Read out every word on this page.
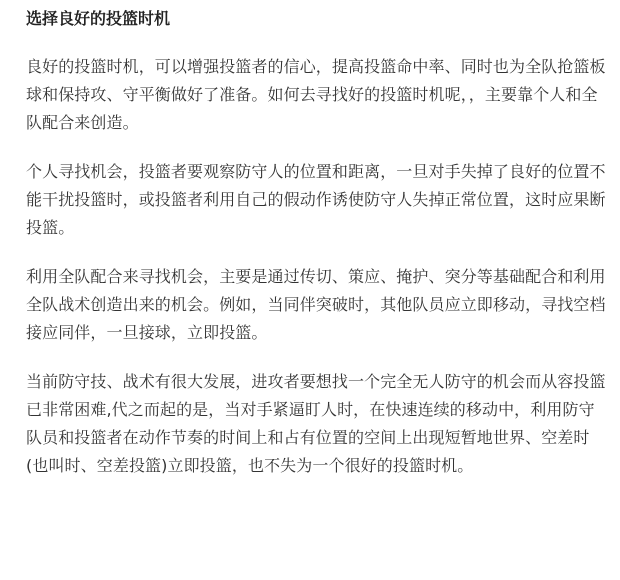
选择良好的投篮时机

良好的投篮时机，可以增强投篮者的信心，提高投篮命中率、同时也为全队抢篮板球和保持攻、守平衡做好了准备。如何去寻找好的投篮时机呢，，主要靠个人和全队配合来创造。

个人寻找机会，投篮者要观察防守人的位置和距离，一旦对手失掉了良好的位置不能干扰投篮时，或投篮者利用自己的假动作诱使防守人失掉正常位置，这时应果断投篮。

利用全队配合来寻找机会，主要是通过传切、策应、掩护、突分等基础配合和利用全队战术创造出来的机会。例如，当同伴突破时，其他队员应立即移动，寻找空档接应同伴，一旦接球，立即投篮。

当前防守技、战术有很大发展，进攻者要想找一个完全无人防守的机会而从容投篮已非常困难,代之而起的是，当对手紧逼盯人时，在快速连续的移动中，利用防守队员和投篮者在动作节奏的时间上和占有位置的空间上出现短暂地世界、空差时(也叫时、空差投篮)立即投篮，也不失为一个很好的投篮时机。
